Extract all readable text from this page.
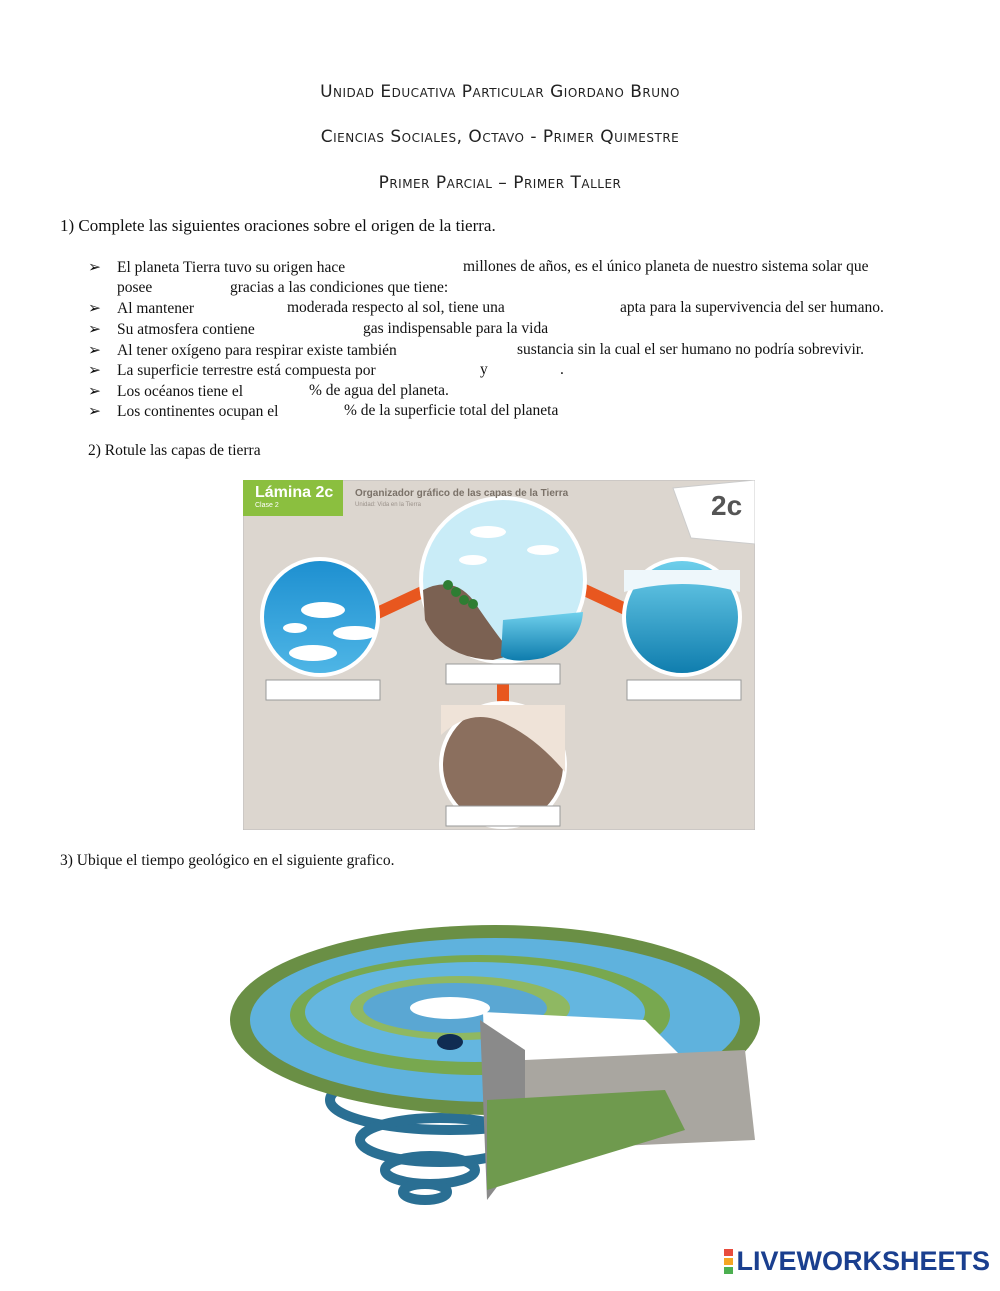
Unidad Educativa Particular Giordano Bruno
Ciencias Sociales, Octavo - Primer Quimestre
Primer Parcial – Primer Taller
1) Complete las siguientes oraciones sobre el origen de la tierra.
➢ El planeta Tierra tuvo su origen hace	millones de años, es el único planeta de nuestro sistema solar que
posee	gracias a las condiciones que tiene:
➢ Al mantener	moderada respecto al sol, tiene una	apta para la supervivencia del ser humano.
➢ Su atmosfera contiene	gas indispensable para la vida
➢ Al tener oxígeno para respirar existe también	sustancia sin la cual el ser humano no podría sobrevivir.
➢ La superficie terrestre está compuesta por	y	.
➢ Los océanos tiene el	% de agua del planeta.
➢ Los continentes ocupan el	% de la superficie total del planeta
2) Rotule las capas de tierra
Lámina 2c
Clase 2
Organizador gráfico de las capas de la Tierra
Unidad: Vida en la Tierra	2c
3) Ubique el tiempo geológico en el siguiente grafico.
LIVEWORKSHEETS
